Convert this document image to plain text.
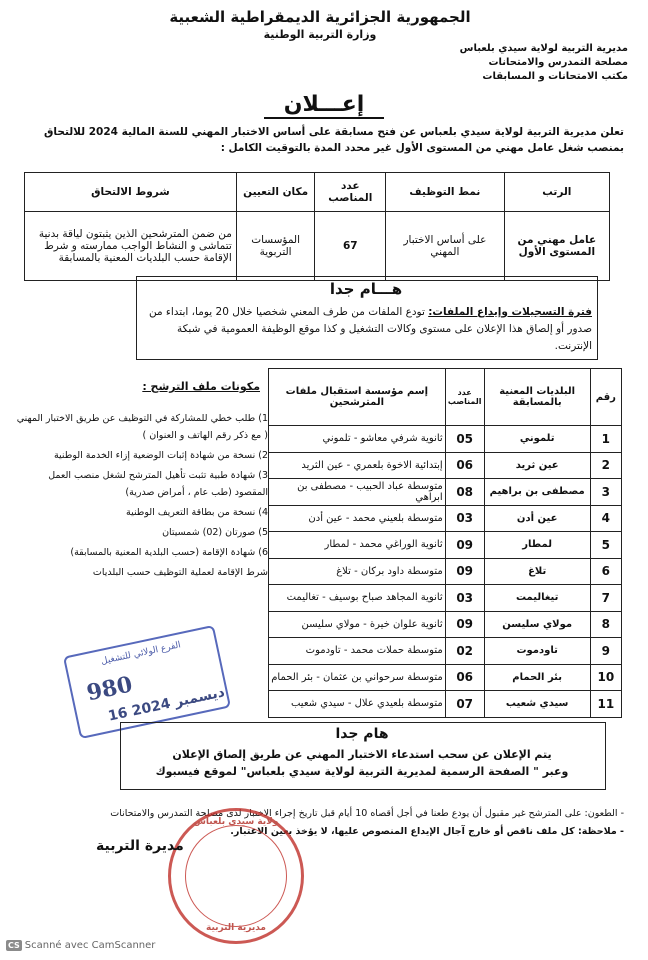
الجمهورية الجزائرية الديمقراطية الشعبية
وزارة التربية الوطنية
مديرية التربية لولاية سيدي بلعباس
مصلحة التمدرس والامتحانات
مكتب الامتحانات و المسابقات
إعـــلان
تعلن مديرية التربية لولاية سيدي بلعباس عن فتح مسابقة على أساس الاختبار المهني للسنة المالية 2024 للالتحاق بمنصب شغل عامل مهني من المستوى الأول غير محدد المدة بالتوقيت الكامل :
شروط الالتحاق	مكان التعيين	عدد المناصب	نمط التوظيف	الرتب
من ضمن المترشحين الذين يثبتون لياقة بدنية تتماشى و النشاط الواجب ممارسته و شرط الإقامة حسب البلديات المعنية بالمسابقة	المؤسسات التربوية	67	على أساس الاختبار المهني	عامل مهني من المستوى الأول
هـــام جدا
فترة التسجيلات وإيداع الملفات: تودع الملفات من طرف المعني شخصيا خلال 20 يوما، ابتداء من صدور أو إلصاق هذا الإعلان على مستوى وكالات التشغيل و كذا موقع الوظيفة العمومية في شبكة الإنترنت.
مكونات ملف الترشح :
1) طلب خطي للمشاركة في التوظيف عن طريق الاختبار المهني ( مع ذكر رقم الهاتف و العنوان )
2) نسخة من شهادة إثبات الوضعية إزاء الخدمة الوطنية
3) شهادة طبية تثبت تأهيل المترشح لشغل منصب العمل المقصود (طب عام ، أمراض صدرية)
4) نسخة من بطاقة التعريف الوطنية
5) صورتان (02) شمسيتان
6) شهادة الإقامة (حسب البلدية المعنية بالمسابقة)
شرط الإقامة لعملية التوظيف حسب البلديات
الفرع الولائي للتشغيل
980
16 ديسمبر 2024
إسم مؤسسة استقبال ملفات المترشحين	عدد المناصب	البلديات المعنية بالمسابقة	رقم
ثانوية شرفي معاشو - تلموني	05	تلموني	1
إبتدائية الاخوة بلعمري - عين الثريد	06	عين ثريد	2
متوسطة عباد الحبيب - مصطفى بن ابراهي	08	مصطفى بن براهيم	3
متوسطة بلعيني محمد - عين أدن	03	عين أدن	4
ثانوية الوراغي محمد - لمطار	09	لمطار	5
متوسطة داود بركان - تلاغ	09	تلاغ	6
ثانوية المجاهد صباح بوسيف - تغاليمت	03	تيغاليمت	7
ثانوية علوان خيرة - مولاي سليسن	09	مولاي سليسن	8
متوسطة حملات محمد - تاودموت	02	تاودموت	9
متوسطة سرحواني بن عثمان - بئر الحمام	06	بئر الحمام	10
متوسطة بلعيدي علال - سيدي شعيب	07	سيدي شعيب	11
هام جدا
يتم الإعلان عن سحب استدعاء الاختبار المهني عن طريق إلصاق الإعلان
وعبر " الصفحة الرسمية لمديرية التربية لولاية سيدي بلعباس" لموقع فيسبوك
- الطعون: على المترشح غير مقبول أن يودع طعنا في أجل أقصاه 10 أيام قبل تاريخ إجراء الاختبار لدى مصلحة التمدرس والامتحانات
- ملاحظة: كل ملف ناقص أو خارج آجال الإيداع المنصوص عليها، لا يؤخذ بعين الاعتبار.
ولاية سيدي بلعباس
مديرية التربية
مديرة التربية
CS Scanné avec CamScanner
